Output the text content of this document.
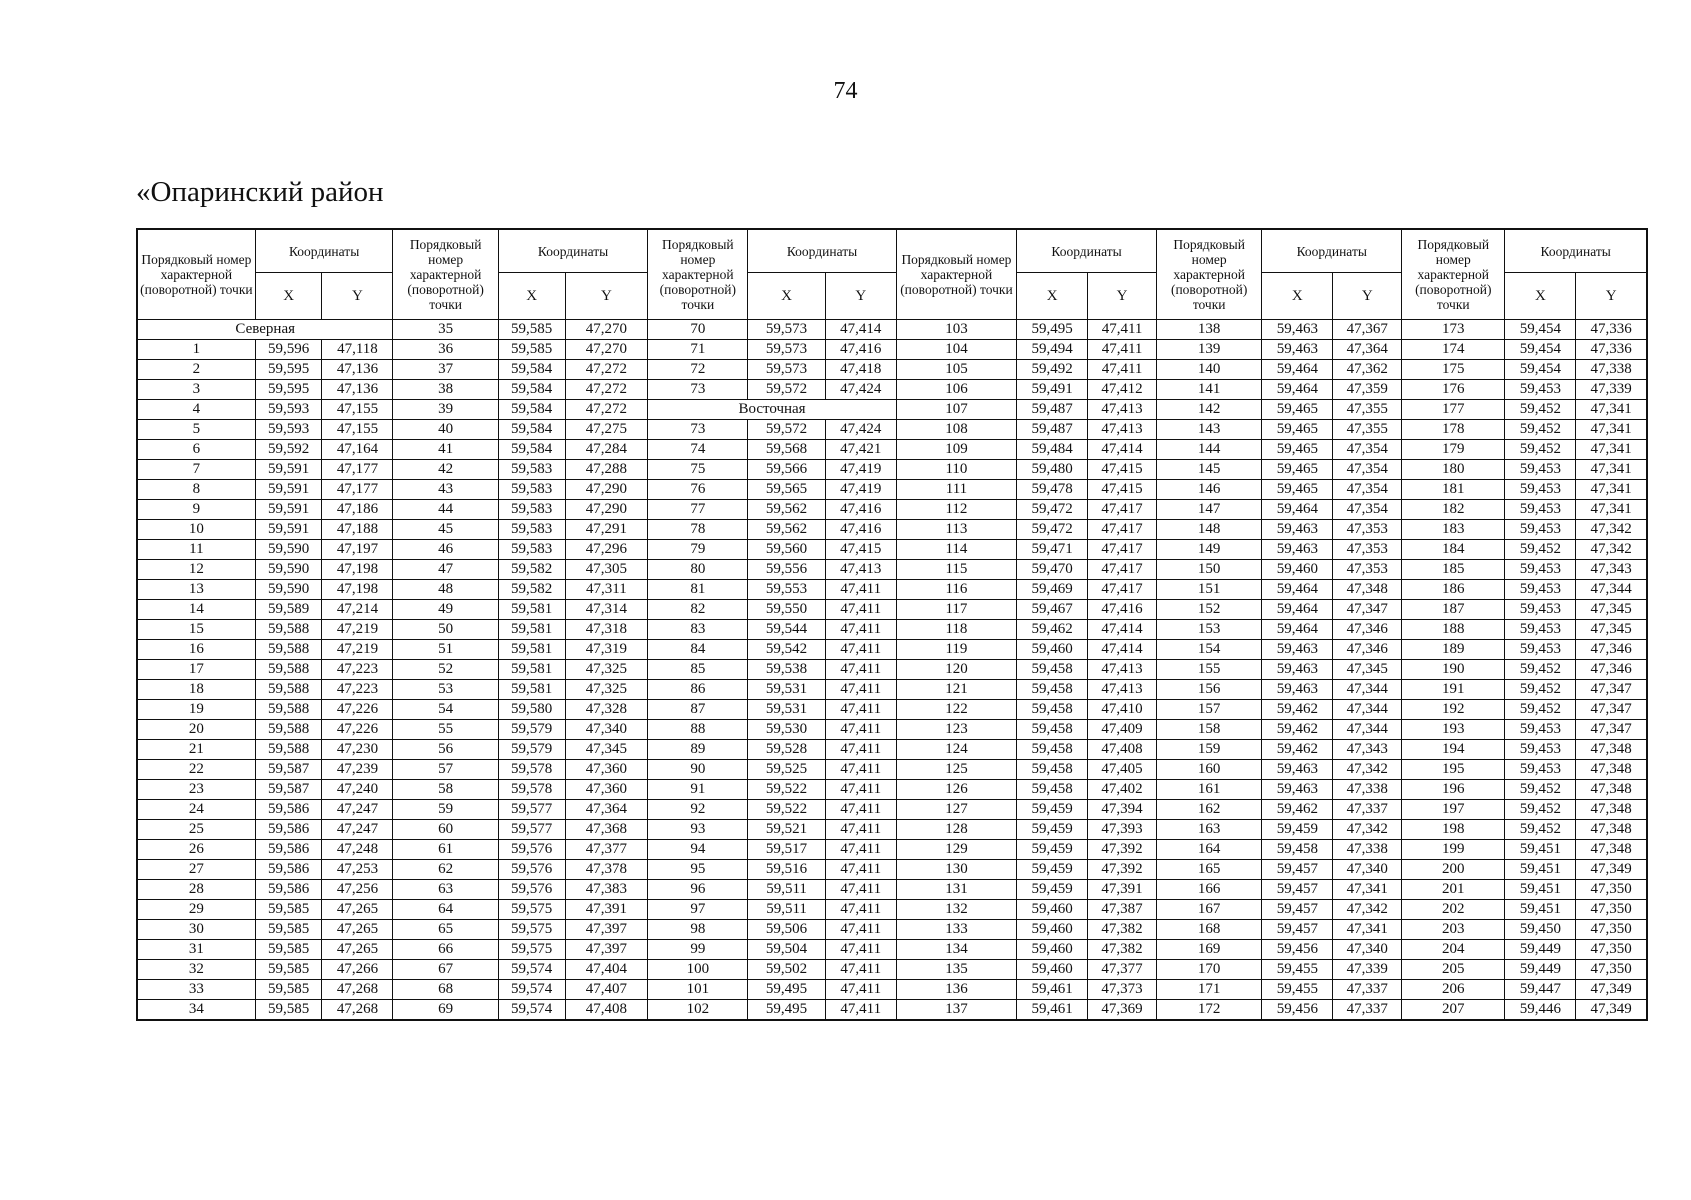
74
«Опаринский район
Порядковый номер характерной (поворотной) точки	Координаты		Порядковый номер характерной (поворотной) точки	Координаты		Порядковый номер характерной (поворотной) точки	Координаты		Порядковый номер характерной (поворотной) точки	Координаты		Порядковый номер характерной (поворотной) точки	Координаты		Порядковый номер характерной (поворотной) точки	Координаты	
	X	Y		X	Y		X	Y		X	Y		X	Y		X	Y
Северная			35	59,585	47,270	70	59,573	47,414	103	59,495	47,411	138	59,463	47,367	173	59,454	47,336
1	59,596	47,118	36	59,585	47,270	71	59,573	47,416	104	59,494	47,411	139	59,463	47,364	174	59,454	47,336
2	59,595	47,136	37	59,584	47,272	72	59,573	47,418	105	59,492	47,411	140	59,464	47,362	175	59,454	47,338
3	59,595	47,136	38	59,584	47,272	73	59,572	47,424	106	59,491	47,412	141	59,464	47,359	176	59,453	47,339
4	59,593	47,155	39	59,584	47,272	Восточная			107	59,487	47,413	142	59,465	47,355	177	59,452	47,341
5	59,593	47,155	40	59,584	47,275	73	59,572	47,424	108	59,487	47,413	143	59,465	47,355	178	59,452	47,341
6	59,592	47,164	41	59,584	47,284	74	59,568	47,421	109	59,484	47,414	144	59,465	47,354	179	59,452	47,341
7	59,591	47,177	42	59,583	47,288	75	59,566	47,419	110	59,480	47,415	145	59,465	47,354	180	59,453	47,341
8	59,591	47,177	43	59,583	47,290	76	59,565	47,419	111	59,478	47,415	146	59,465	47,354	181	59,453	47,341
9	59,591	47,186	44	59,583	47,290	77	59,562	47,416	112	59,472	47,417	147	59,464	47,354	182	59,453	47,341
10	59,591	47,188	45	59,583	47,291	78	59,562	47,416	113	59,472	47,417	148	59,463	47,353	183	59,453	47,342
11	59,590	47,197	46	59,583	47,296	79	59,560	47,415	114	59,471	47,417	149	59,463	47,353	184	59,452	47,342
12	59,590	47,198	47	59,582	47,305	80	59,556	47,413	115	59,470	47,417	150	59,460	47,353	185	59,453	47,343
13	59,590	47,198	48	59,582	47,311	81	59,553	47,411	116	59,469	47,417	151	59,464	47,348	186	59,453	47,344
14	59,589	47,214	49	59,581	47,314	82	59,550	47,411	117	59,467	47,416	152	59,464	47,347	187	59,453	47,345
15	59,588	47,219	50	59,581	47,318	83	59,544	47,411	118	59,462	47,414	153	59,464	47,346	188	59,453	47,345
16	59,588	47,219	51	59,581	47,319	84	59,542	47,411	119	59,460	47,414	154	59,463	47,346	189	59,453	47,346
17	59,588	47,223	52	59,581	47,325	85	59,538	47,411	120	59,458	47,413	155	59,463	47,345	190	59,452	47,346
18	59,588	47,223	53	59,581	47,325	86	59,531	47,411	121	59,458	47,413	156	59,463	47,344	191	59,452	47,347
19	59,588	47,226	54	59,580	47,328	87	59,531	47,411	122	59,458	47,410	157	59,462	47,344	192	59,452	47,347
20	59,588	47,226	55	59,579	47,340	88	59,530	47,411	123	59,458	47,409	158	59,462	47,344	193	59,453	47,347
21	59,588	47,230	56	59,579	47,345	89	59,528	47,411	124	59,458	47,408	159	59,462	47,343	194	59,453	47,348
22	59,587	47,239	57	59,578	47,360	90	59,525	47,411	125	59,458	47,405	160	59,463	47,342	195	59,453	47,348
23	59,587	47,240	58	59,578	47,360	91	59,522	47,411	126	59,458	47,402	161	59,463	47,338	196	59,452	47,348
24	59,586	47,247	59	59,577	47,364	92	59,522	47,411	127	59,459	47,394	162	59,462	47,337	197	59,452	47,348
25	59,586	47,247	60	59,577	47,368	93	59,521	47,411	128	59,459	47,393	163	59,459	47,342	198	59,452	47,348
26	59,586	47,248	61	59,576	47,377	94	59,517	47,411	129	59,459	47,392	164	59,458	47,338	199	59,451	47,348
27	59,586	47,253	62	59,576	47,378	95	59,516	47,411	130	59,459	47,392	165	59,457	47,340	200	59,451	47,349
28	59,586	47,256	63	59,576	47,383	96	59,511	47,411	131	59,459	47,391	166	59,457	47,341	201	59,451	47,350
29	59,585	47,265	64	59,575	47,391	97	59,511	47,411	132	59,460	47,387	167	59,457	47,342	202	59,451	47,350
30	59,585	47,265	65	59,575	47,397	98	59,506	47,411	133	59,460	47,382	168	59,457	47,341	203	59,450	47,350
31	59,585	47,265	66	59,575	47,397	99	59,504	47,411	134	59,460	47,382	169	59,456	47,340	204	59,449	47,350
32	59,585	47,266	67	59,574	47,404	100	59,502	47,411	135	59,460	47,377	170	59,455	47,339	205	59,449	47,350
33	59,585	47,268	68	59,574	47,407	101	59,495	47,411	136	59,461	47,373	171	59,455	47,337	206	59,447	47,349
34	59,585	47,268	69	59,574	47,408	102	59,495	47,411	137	59,461	47,369	172	59,456	47,337	207	59,446	47,349
